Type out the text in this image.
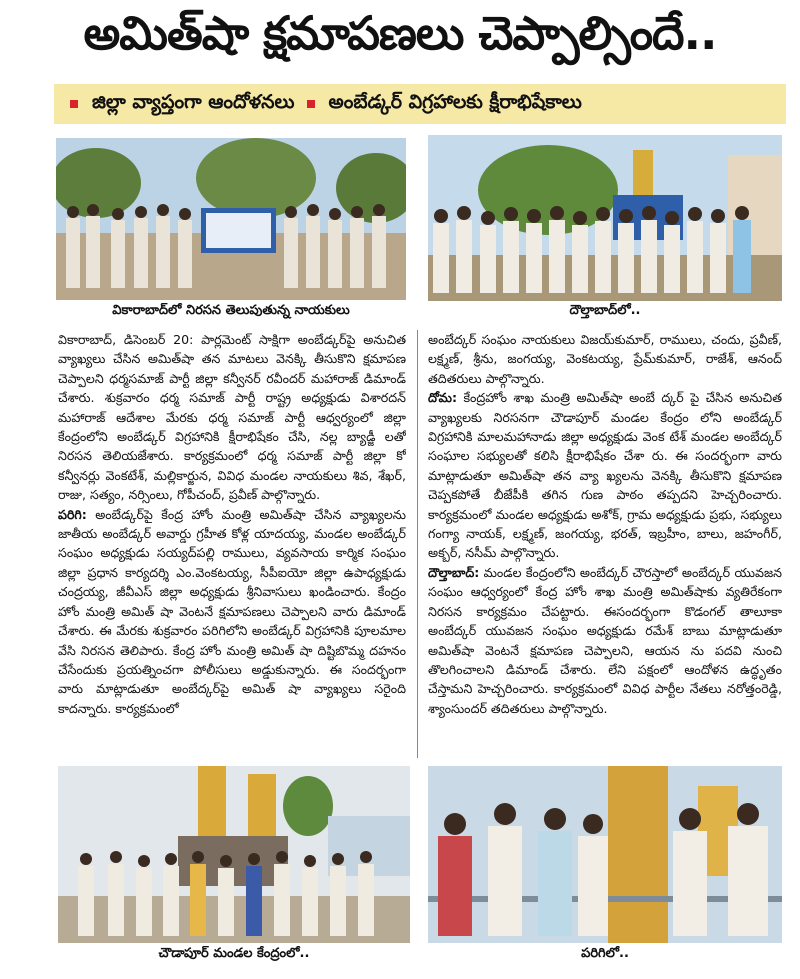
అమిత్‌షా క్షమాపణలు చెప్పాల్సిందే..
జిల్లా వ్యాప్తంగా ఆందోళనలు అంబేడ్కర్ విగ్రహాలకు క్షీరాభిషేకాలు
వికారాబాద్‌లో నిరసన తెలుపుతున్న నాయకులు	దౌల్తాబాద్‌లో..

వికారాబాద్, డిసెంబర్ 20: పార్లమెంట్ సాక్షిగా అంబేడ్కర్‌పై అనుచిత వ్యాఖ్యలు చేసిన అమిత్‌షా తన మాటలు వెనక్కి తీసుకొని క్షమాపణ చెప్పాలని ధర్మసమాజ్ పార్టీ జిల్లా కన్వీనర్ రవీందర్ మహారాజ్ డిమాండ్ చేశారు. శుక్రవారం ధర్మ సమాజ్ పార్టీ రాష్ట్ర అధ్యక్షుడు విశారదన్ మహారాజ్ ఆదేశాల మేరకు ధర్మ సమాజ్ పార్టీ ఆధ్వర్యంలో జిల్లా కేంద్రంలోని అంబేడ్కర్ విగ్రహానికి క్షీరాభిషేకం చేసి, నల్ల బ్యాడ్జీ లతో నిరసన తెలియజేశారు. కార్యక్రమంలో ధర్మ సమాజ్ పార్టీ జిల్లా కో కన్వీనర్లు వెంకటేశ్, మల్లికార్జున, వివిధ మండల నాయకులు శివ, శేఖర్, రాజు, సత్యం, నర్సింలు, గోపీచంద్, ప్రవీణ్ పాల్గొన్నారు.

పరిగి: అంబేడ్కర్‌పై కేంద్ర హోం మంత్రి అమిత్‌షా చేసిన వ్యాఖ్యలను జాతీయ అంబేడ్కర్ అవార్డు గ్రహీత కోళ్ల యాదయ్య, మండల అంబేడ్కర్ సంఘం అధ్యక్షుడు సయ్యద్‌పల్లి రాములు, వ్యవసాయ కార్మిక సంఘం జిల్లా ప్రధాన కార్యదర్శి ఎం.వెంకటయ్య, సీపీఐయో జిల్లా ఉపాధ్యక్షుడు చంద్రయ్య, జీవీఎస్ జిల్లా అధ్యక్షుడు శ్రీనివాసులు ఖండించారు. కేంద్రం హోం మంత్రి అమిత్ షా వెంటనే క్షమాపణలు చెప్పాలని వారు డిమాండ్ చేశారు. ఈ మేరకు శుక్రవారం పరిగిలోని అంబేడ్కర్ విగ్రహానికి పూలమాల వేసి నిరసన తెలిపారు. కేంద్ర హోం మంత్రి అమిత్ షా దిష్టిబొమ్మ దహనం చేసేందుకు ప్రయత్నించగా పోలీసులు అడ్డుకున్నారు. ఈ సందర్భంగా వారు మాట్లాడుతూ అంబేద్కర్‌పై అమిత్ షా వ్యాఖ్యలు సరైంది కాదన్నారు. కార్యక్రమంలో

అంబేద్కర్ సంఘం నాయకులు విజయ్‌కుమార్, రాములు, చందు, ప్రవీణ్, లక్ష్మణ్, శ్రీను, జంగయ్య, వెంకటయ్య, ప్రేమ్‌కుమార్, రాజేశ్, ఆనంద్ తదితరులు పాల్గొన్నారు.

దోమ: కేంద్రహోం శాఖ మంత్రి అమిత్‌షా అంబే ద్కర్ పై చేసిన అనుచిత వ్యాఖ్యలకు నిరసనగా చౌడాపూర్ మండల కేంద్రం లోని అంబేడ్కర్ విగ్రహానికి మాలమహానాడు జిల్లా అధ్యక్షుడు వెంక టేశ్ మండల అంబేద్కర్ సంఘాల సభ్యులతో కలిసి క్షీరాభిషేకం చేశా రు. ఈ సందర్భంగా వారు మాట్లాడుతూ అమిత్‌షా తన వ్యా ఖ్యలను వెనక్కి తీసుకొని క్షమాపణ చెప్పకపోతే బీజేపీకి తగిన గుణ పాఠం తప్పదని హెచ్చరించారు. కార్యక్రమంలో మండల అధ్యక్షుడు అశోక్, గ్రామ అధ్యక్షుడు ప్రభు, సభ్యులు గంగ్యా నాయక్, లక్ష్మణ్, జంగయ్య, భరత్, ఇబ్రహీం, బాలు, జహంగీర్, అక్బర్, నసీమ్ పాల్గొన్నారు.

దౌల్తాబాద్: మండల కేంద్రంలోని అంబేద్కర్ చౌరస్తాలో అంబేద్కర్ యువజన సంఘం ఆధ్వర్యంలో కేంద్ర హోం శాఖ మంత్రి అమిత్‌షాకు వ్యతిరేకంగా నిరసన కార్యక్రమం చేపట్టారు. ఈసందర్భంగా కొడంగల్ తాలూకా అంబేద్కర్ యువజన సంఘం అధ్యక్షుడు రమేశ్ బాబు మాట్లాడుతూ అమిత్‌షా వెంటనే క్షమాపణ చెప్పాలని, ఆయన ను పదవి నుంచి తొలగించాలని డిమాండ్ చేశారు. లేని పక్షంలో ఆందోళన ఉద్ధృతం చేస్తామని హెచ్చరించారు. కార్యక్రమంలో వివిధ పార్టీల నేతలు నరోత్తంరెడ్డి, శ్యాంసుందర్ తదితరులు పాల్గొన్నారు.

చౌడాపూర్ మండల కేంద్రంలో..	పరిగిలో..
